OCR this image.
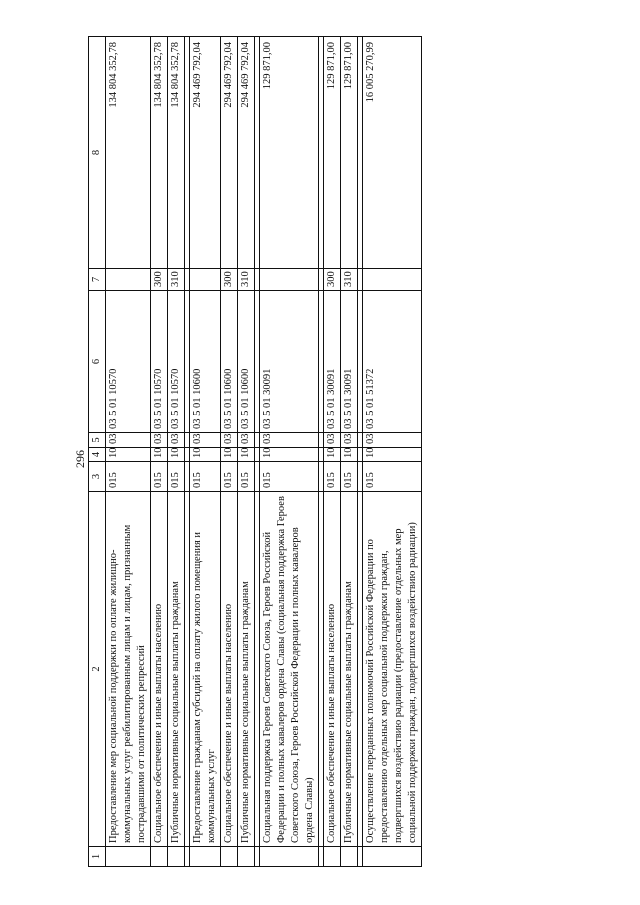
296
1	2	3	4	5	6	7	8
	Предоставление мер социальной поддержки по оплате жилищно-коммунальных услуг реабилитированным лицам и лицам, признанным пострадавшими от политических репрессий	015	10	03	03 5 01 10570		134 804 352,78
	Социальное обеспечение и иные выплаты населению	015	10	03	03 5 01 10570	300	134 804 352,78
	Публичные нормативные социальные выплаты гражданам	015	10	03	03 5 01 10570	310	134 804 352,78

	Предоставление гражданам субсидий на оплату жилого помещения и коммунальных услуг	015	10	03	03 5 01 10600		294 469 792,04
	Социальное обеспечение и иные выплаты населению	015	10	03	03 5 01 10600	300	294 469 792,04
	Публичные нормативные социальные выплаты гражданам	015	10	03	03 5 01 10600	310	294 469 792,04

	Социальная поддержка Героев Советского Союза, Героев Российской Федерации и полных кавалеров ордена Славы (социальная поддержка Героев Советского Союза, Героев Российской Федерации и полных кавалеров ордена Славы)	015	10	03	03 5 01 30091		129 871,00

	Социальное обеспечение и иные выплаты населению	015	10	03	03 5 01 30091	300	129 871,00
	Публичные нормативные социальные выплаты гражданам	015	10	03	03 5 01 30091	310	129 871,00

	Осуществление переданных полномочий Российской Федерации по предоставлению отдельных мер социальной поддержки граждан, подвергшихся воздействию радиации (предоставление отдельных мер социальной поддержки граждан, подвергшихся воздействию радиации)	015	10	03	03 5 01 51372		16 005 270,99
